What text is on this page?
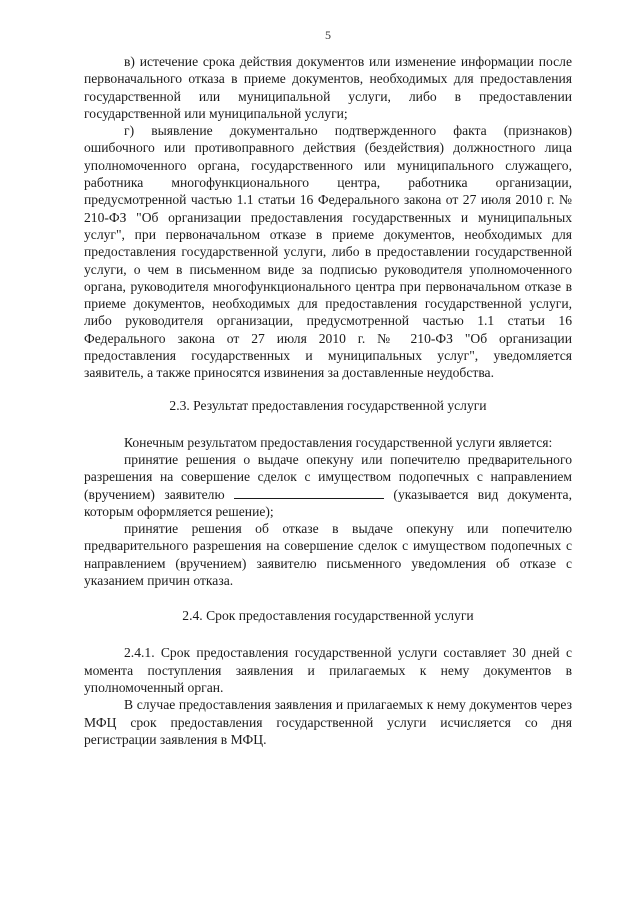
5

в) истечение срока действия документов или изменение информации после первоначального отказа в приеме документов, необходимых для предоставления государственной или муниципальной услуги, либо в предоставлении государственной или муниципальной услуги;

г) выявление документально подтвержденного факта (признаков) ошибочного или противоправного действия (бездействия) должностного лица уполномоченного органа, государственного или муниципального служащего, работника многофункционального центра, работника организации, предусмотренной частью 1.1 статьи 16 Федерального закона от 27 июля 2010 г. № 210-ФЗ "Об организации предоставления государственных и муниципальных услуг", при первоначальном отказе в приеме документов, необходимых для предоставления государственной услуги, либо в предоставлении государственной услуги, о чем в письменном виде за подписью руководителя уполномоченного органа, руководителя многофункционального центра при первоначальном отказе в приеме документов, необходимых для предоставления государственной услуги, либо руководителя организации, предусмотренной частью 1.1 статьи 16 Федерального закона от 27 июля 2010 г. № 210-ФЗ "Об организации предоставления государственных и муниципальных услуг", уведомляется заявитель, а также приносятся извинения за доставленные неудобства.

2.3. Результат предоставления государственной услуги

Конечным результатом предоставления государственной услуги является:

принятие решения о выдаче опекуну или попечителю предварительного разрешения на совершение сделок с имуществом подопечных с направлением (вручением) заявителю	(указывается вид документа, которым оформляется решение);

принятие решения об отказе в выдаче опекуну или попечителю предварительного разрешения на совершение сделок с имуществом подопечных с направлением (вручением) заявителю письменного уведомления об отказе с указанием причин отказа.

2.4. Срок предоставления государственной услуги

2.4.1. Срок предоставления государственной услуги составляет 30 дней с момента поступления заявления и прилагаемых к нему документов в уполномоченный орган.

В случае предоставления заявления и прилагаемых к нему документов через МФЦ срок предоставления государственной услуги исчисляется со дня регистрации заявления в МФЦ.
